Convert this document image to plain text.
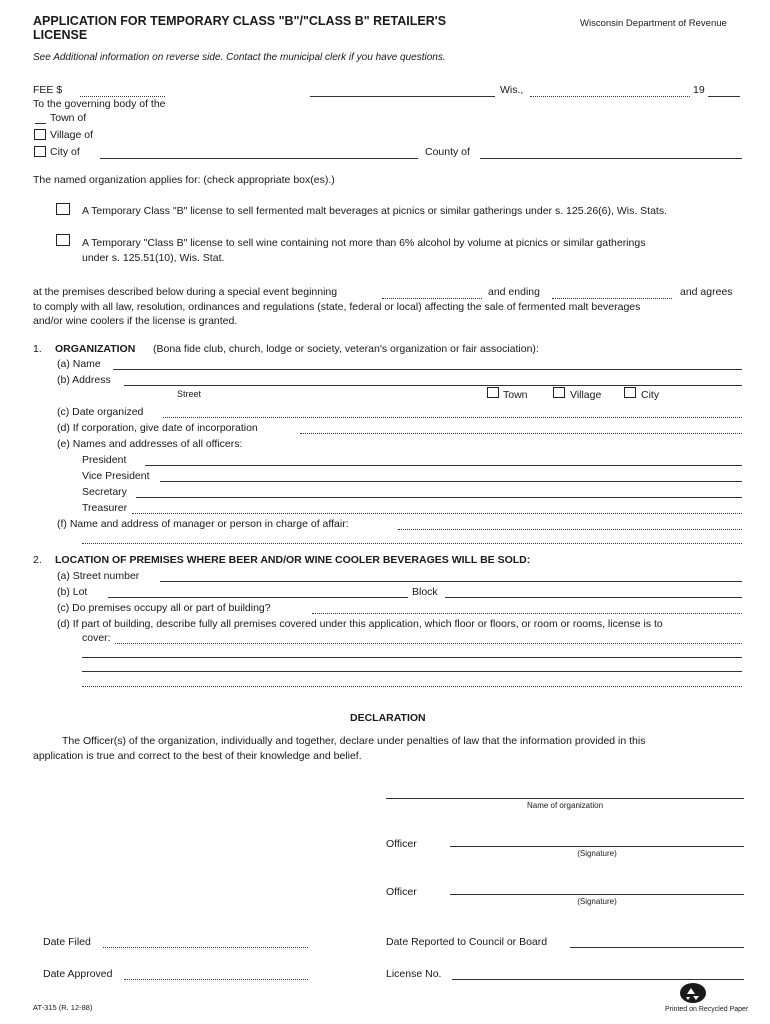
APPLICATION FOR TEMPORARY CLASS "B"/"CLASS B" RETAILER'S
LICENSE
Wisconsin Department of Revenue
See Additional information on reverse side. Contact the municipal clerk if you have questions.
FEE $	Wis.,	19
To the governing body of the
Town of
Village of
City of	County of
The named organization applies for: (check appropriate box(es).)
A Temporary Class "B" license to sell fermented malt beverages at picnics or similar gatherings under s. 125.26(6), Wis. Stats.
A Temporary "Class B" license to sell wine containing not more than 6% alcohol by volume at picnics or similar gatherings
under s. 125.51(10), Wis. Stat.
at the premises described below during a special event beginning	and ending	and agrees
to comply with all law, resolution, ordinances and regulations (state, federal or local) affecting the sale of fermented malt beverages
and/or wine coolers if the license is granted.
1. ORGANIZATION (Bona fide club, church, lodge or society, veteran's organization or fair association):
(a) Name
(b) Address
Street	Town	Village	City
(c) Date organized
(d) If corporation, give date of incorporation
(e) Names and addresses of all officers:
President
Vice President
Secretary
Treasurer
(f) Name and address of manager or person in charge of affair:
2. LOCATION OF PREMISES WHERE BEER AND/OR WINE COOLER BEVERAGES WILL BE SOLD:
(a) Street number
(b) Lot	Block
(c) Do premises occupy all or part of building?
(d) If part of building, describe fully all premises covered under this application, which floor or floors, or room or rooms, license is to
cover:
DECLARATION
The Officer(s) of the organization, individually and together, declare under penalties of law that the information provided in this
application is true and correct to the best of their knowledge and belief.
Name of organization
Officer
(Signature)
Officer
(Signature)
Date Filed	Date Reported to Council or Board
Date Approved	License No.
AT-315 (R. 12-88)	Printed on Recycled Paper
